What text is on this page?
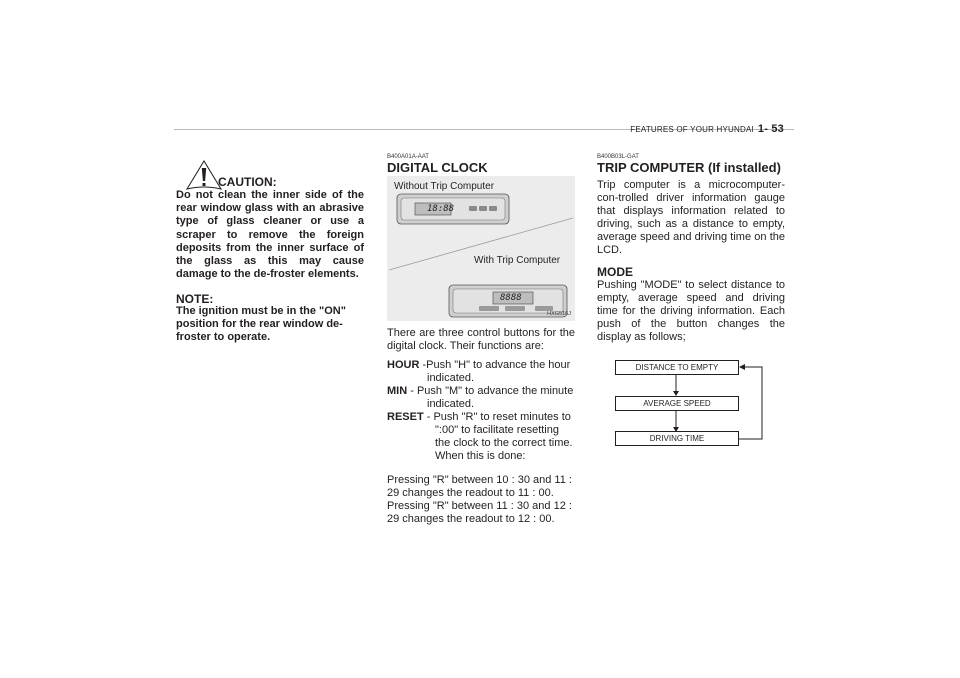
FEATURES OF YOUR HYUNDAI 1- 53
CAUTION:
Do not clean the inner side of the rear window glass with an abrasive type of glass cleaner or use a scraper to remove the foreign deposits from the inner surface of the glass as this may cause damage to the de-froster elements.
NOTE:
The ignition must be in the "ON" position for the rear window de-froster to operate.
B400A01A-AAT
DIGITAL CLOCK
Without Trip Computer
With Trip Computer
18:88
8888
HXG516J

There are three control buttons for the digital clock. Their functions are:

HOUR -Push "H" to advance the hour indicated.

MIN - Push "M" to advance the minute indicated.

RESET - Push "R" to reset minutes to ":00" to facilitate resetting the clock to the correct time. When this is done:

Pressing "R" between 10 : 30 and 11 : 29 changes the readout to 11 : 00.

Pressing "R" between 11 : 30 and 12 : 29 changes the readout to 12 : 00.

B400B03L-GAT
TRIP COMPUTER (If installed)
Trip computer is a microcomputer-con-trolled driver information gauge that displays information related to driving, such as a distance to empty, average speed and driving time on the LCD.
MODE
Pushing "MODE" to select distance to empty, average speed and driving time for the driving information. Each push of the button changes the display as follows;
DISTANCE TO EMPTY
AVERAGE SPEED
DRIVING TIME
